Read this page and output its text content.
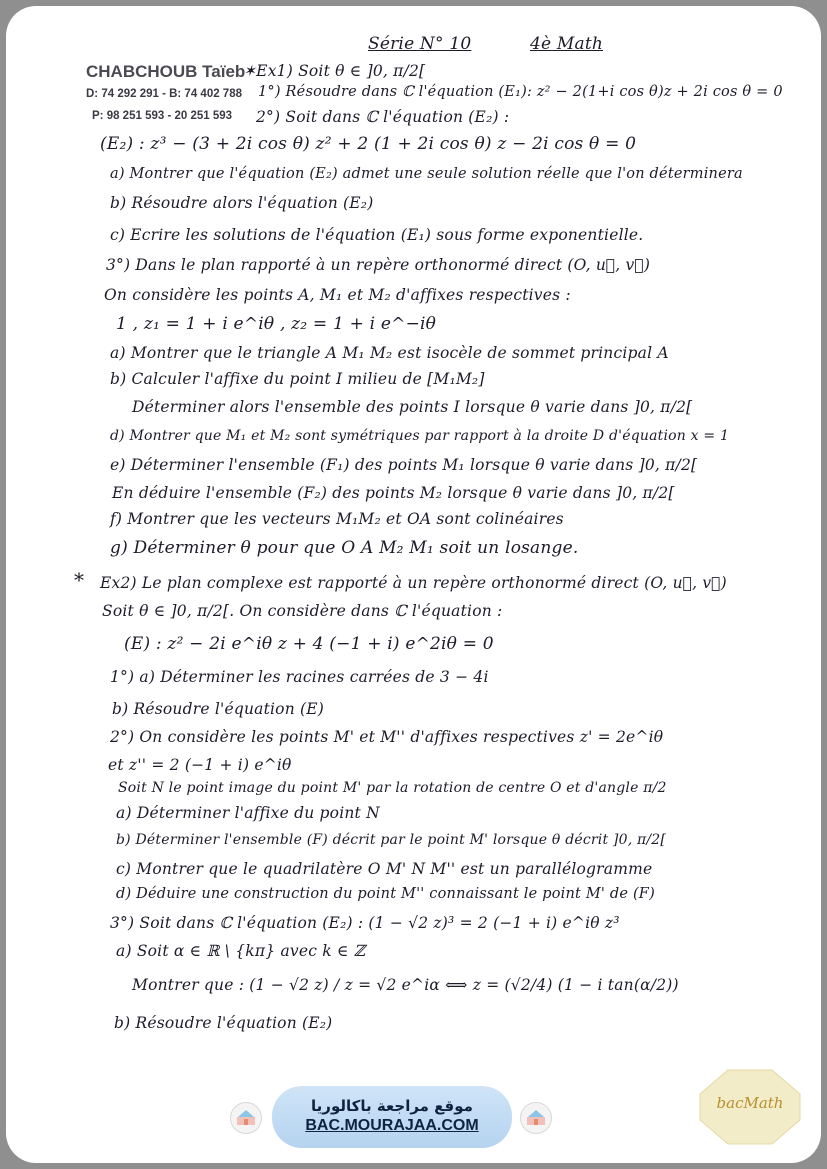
CHABCHOUB Taïeb
D: 74 292 291 - B: 74 402 788
P: 98 251 593 - 20 251 593
Série N° 10	4è Math
✶Ex1) Soit θ ∈ ]0, π/2[
1°) Résoudre dans ℂ l'équation (E₁): z² − 2(1+i cos θ)z + 2i cos θ = 0
2°) Soit dans ℂ l'équation (E₂) :
(E₂) : z³ − (3 + 2i cos θ) z² + 2 (1 + 2i cos θ) z − 2i cos θ = 0
a) Montrer que l'équation (E₂) admet une seule solution réelle que l'on déterminera
b) Résoudre alors l'équation (E₂)
c) Ecrire les solutions de l'équation (E₁) sous forme exponentielle.
3°) Dans le plan rapporté à un repère orthonormé direct (O, u⃗, v⃗)
On considère les points A, M₁ et M₂ d'affixes respectives :
1 , z₁ = 1 + i e^iθ , z₂ = 1 + i e^−iθ
a) Montrer que le triangle A M₁ M₂ est isocèle de sommet principal A
b) Calculer l'affixe du point I milieu de [M₁M₂]
Déterminer alors l'ensemble des points I lorsque θ varie dans ]0, π/2[
d) Montrer que M₁ et M₂ sont symétriques par rapport à la droite D d'équation x = 1
e) Déterminer l'ensemble (F₁) des points M₁ lorsque θ varie dans ]0, π/2[
En déduire l'ensemble (F₂) des points M₂ lorsque θ varie dans ]0, π/2[
f) Montrer que les vecteurs M₁M₂ et OA sont colinéaires
g) Déterminer θ pour que O A M₂ M₁ soit un losange.
* Ex2) Le plan complexe est rapporté à un repère orthonormé direct (O, u⃗, v⃗)
Soit θ ∈ ]0, π/2[. On considère dans ℂ l'équation :
(E) : z² − 2i e^iθ z + 4 (−1 + i) e^2iθ = 0
1°) a) Déterminer les racines carrées de 3 − 4i
b) Résoudre l'équation (E)
2°) On considère les points M' et M'' d'affixes respectives z' = 2e^iθ
et z'' = 2 (−1 + i) e^iθ
Soit N le point image du point M' par la rotation de centre O et d'angle π/2
a) Déterminer l'affixe du point N
b) Déterminer l'ensemble (F) décrit par le point M' lorsque θ décrit ]0, π/2[
c) Montrer que le quadrilatère O M' N M'' est un parallélogramme
d) Déduire une construction du point M'' connaissant le point M' de (F)
3°) Soit dans ℂ l'équation (E₂) : (1 − √2 z)³ = 2 (−1 + i) e^iθ z³
a) Soit α ∈ ℝ \ {kπ} avec k ∈ ℤ
Montrer que : (1 − √2 z) / z = √2 e^iα ⟺ z = (√2/4) (1 − i tan(α/2))
b) Résoudre l'équation (E₂)
موقع مراجعة باكالوريا
BAC.MOURAJAA.COM
bacMath
